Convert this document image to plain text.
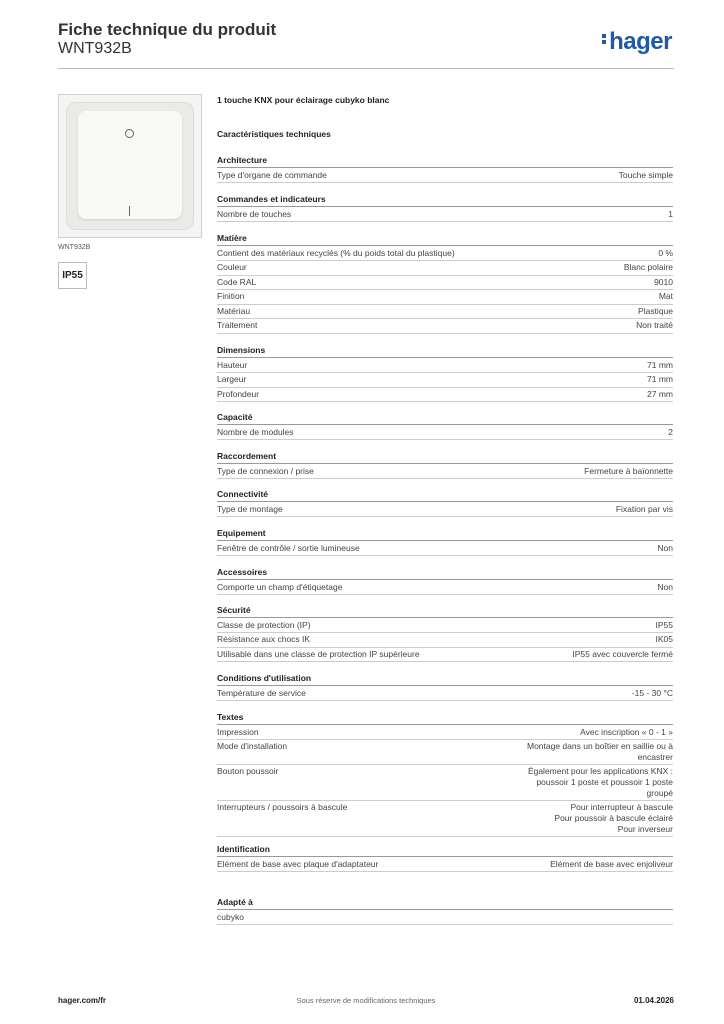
Fiche technique du produit
WNT932B	hager
WNT932B
IP55
1 touche KNX pour éclairage cubyko blanc
Caractéristiques techniques
Architecture
Type d'organe de commande	Touche simple
Commandes et indicateurs
Nombre de touches	1
Matière
Contient des matériaux recyclés (% du poids total du plastique)	0 %
Couleur	Blanc polaire
Code RAL	9010
Finition	Mat
Matériau	Plastique
Traitement	Non traité
Dimensions
Hauteur	71 mm
Largeur	71 mm
Profondeur	27 mm
Capacité
Nombre de modules	2
Raccordement
Type de connexion / prise	Fermeture à baïonnette
Connectivité
Type de montage	Fixation par vis
Equipement
Fenêtre de contrôle / sortie lumineuse	Non
Accessoires
Comporte un champ d'étiquetage	Non
Sécurité
Classe de protection (IP)	IP55
Résistance aux chocs IK	IK05
Utilisable dans une classe de protection IP supérieure	IP55 avec couvercle fermé
Conditions d'utilisation
Température de service	-15 - 30 °C
Textes
Impression	Avec inscription « 0 - 1 »
Mode d'installation	Montage dans un boîtier en saillie ou à
encastrer
Bouton poussoir	Également pour les applications KNX :
poussoir 1 poste et poussoir 1 poste
groupé
Interrupteurs / poussoirs à bascule	Pour interrupteur à bascule
Pour poussoir à bascule éclairé
Pour inverseur
Identification
Elément de base avec plaque d'adaptateur	Elément de base avec enjoliveur
Adapté à
cubyko
hager.com/fr	Sous réserve de modifications techniques	01.04.2026
